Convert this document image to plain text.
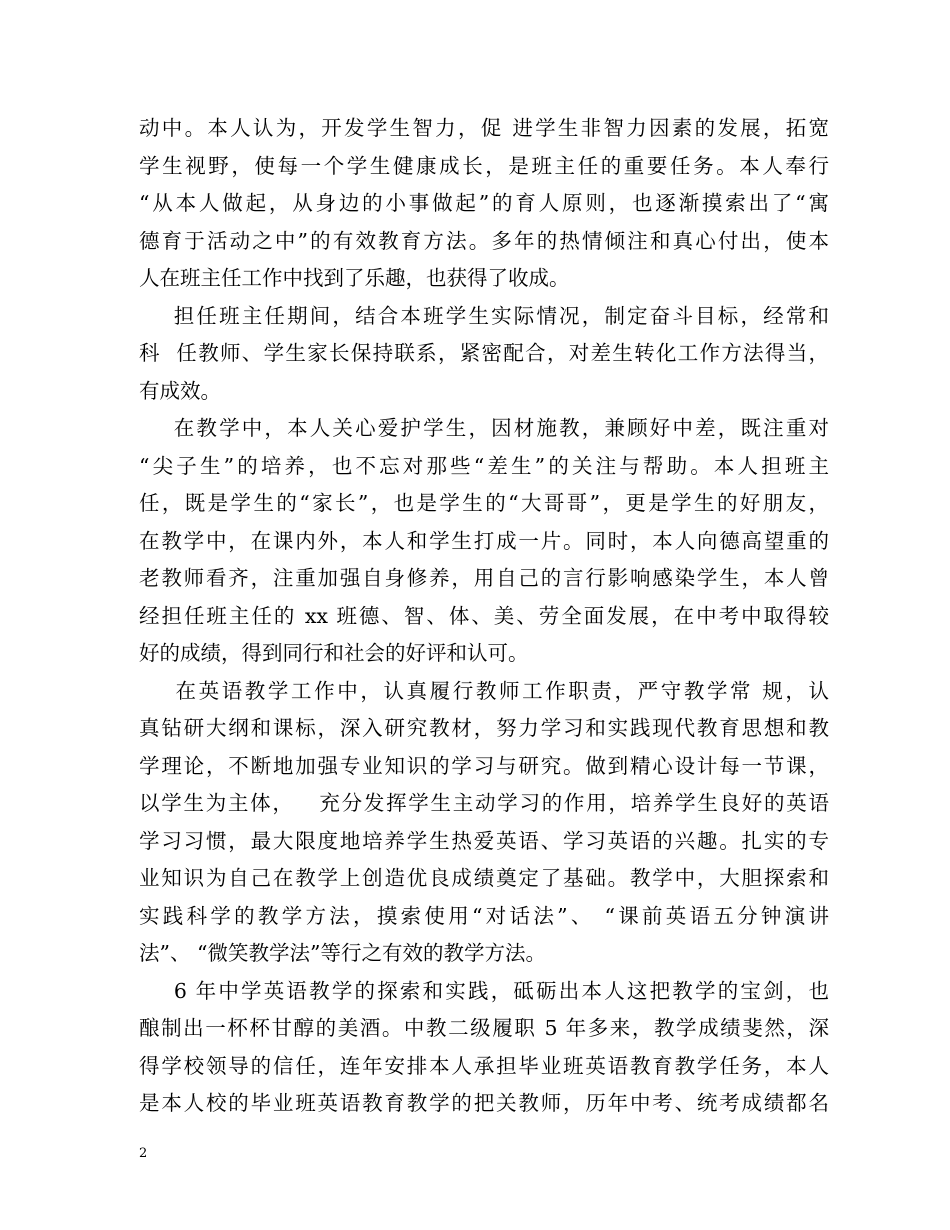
动中。本人认为，开发学生智力，促 进学生非智力因素的发展，拓宽
学生视野，使每一个学生健康成长，是班主任的重要任务。本人奉行
“从本人做起，从身边的小事做起”的育人原则，也逐渐摸索出了“寓
德育于活动之中”的有效教育方法。多年的热情倾注和真心付出，使本
人在班主任工作中找到了乐趣，也获得了收成。
担任班主任期间，结合本班学生实际情况，制定奋斗目标，经常和
科  任教师、学生家长保持联系，紧密配合，对差生转化工作方法得当，
有成效。
在教学中，本人关心爱护学生，因材施教，兼顾好中差，既注重对
“尖子生”的培养，也不忘对那些“差生”的关注与帮助。本人担班主
任，既是学生的“家长”，也是学生的“大哥哥”，更是学生的好朋友，
在教学中，在课内外，本人和学生打成一片。同时，本人向德高望重的
老教师看齐，注重加强自身修养，用自己的言行影响感染学生，本人曾
经担任班主任的 xx 班德、智、体、美、劳全面发展，在中考中取得较
好的成绩，得到同行和社会的好评和认可。
在英语教学工作中，认真履行教师工作职责，严守教学常 规，认
真钻研大纲和课标，深入研究教材，努力学习和实践现代教育思想和教
学理论，不断地加强专业知识的学习与研究。做到精心设计每一节课，
以学生为主体，   充分发挥学生主动学习的作用，培养学生良好的英语
学习习惯，最大限度地培养学生热爱英语、学习英语的兴趣。扎实的专
业知识为自己在教学上创造优良成绩奠定了基础。教学中，大胆探索和
实践科学的教学方法，摸索使用“对话法”、 “课前英语五分钟演讲
法”、 “微笑教学法”等行之有效的教学方法。
6 年中学英语教学的探索和实践，砥砺出本人这把教学的宝剑，也
酿制出一杯杯甘醇的美酒。中教二级履职 5 年多来，教学成绩斐然，深
得学校领导的信任，连年安排本人承担毕业班英语教育教学任务，本人
是本人校的毕业班英语教育教学的把关教师，历年中考、统考成绩都名
2
